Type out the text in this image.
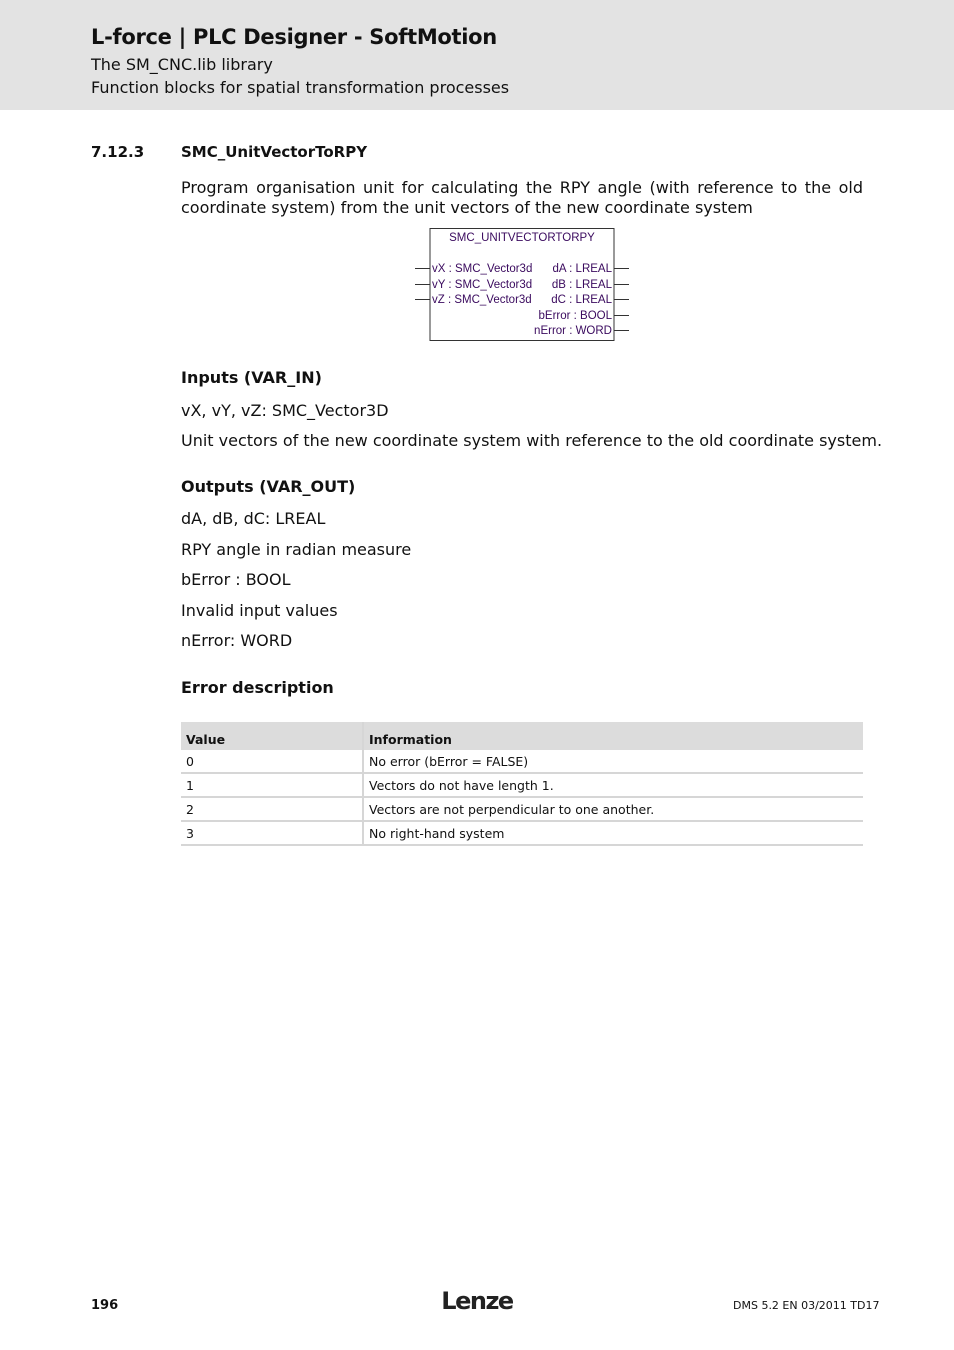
L-force | PLC Designer - SoftMotion
The SM_CNC.lib library
Function blocks for spatial transformation processes
7.12.3 SMC_UnitVectorToRPY
Program organisation unit for calculating the RPY angle (with reference to the old coordinate system) from the unit vectors of the new coordinate system
SMC_UNITVECTORTORPY
vX : SMC_Vector3d
vY : SMC_Vector3d
vZ : SMC_Vector3d
dA : LREAL
dB : LREAL
dC : LREAL
bError : BOOL
nError : WORD
Inputs (VAR_IN)
vX, vY, vZ: SMC_Vector3D
Unit vectors of the new coordinate system with reference to the old coordinate system.
Outputs (VAR_OUT)
dA, dB, dC: LREAL
RPY angle in radian measure
bError : BOOL
Invalid input values
nError: WORD
Error description
Value	Information
0	No error (bError = FALSE)
1	Vectors do not have length 1.
2	Vectors are not perpendicular to one another.
3	No right-hand system
196	Lenze	DMS 5.2 EN 03/2011 TD17
